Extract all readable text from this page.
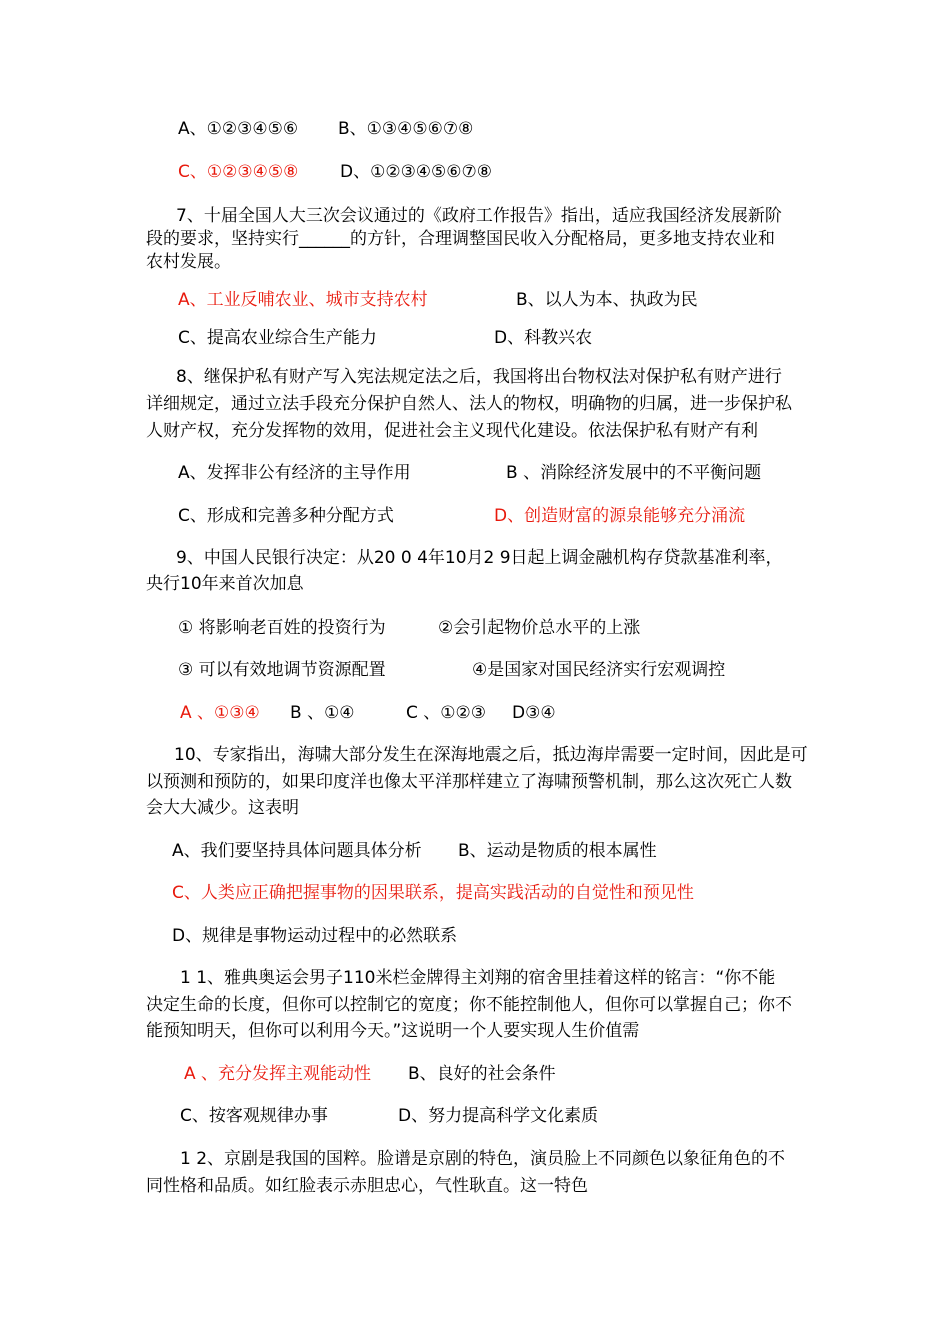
A、①②③④⑤⑥ B、①③④⑤⑥⑦⑧
C、①②③④⑤⑧ D、①②③④⑤⑥⑦⑧
7、十届全国人大三次会议通过的《政府工作报告》指出，适应我国经济发展新阶
段的要求，坚持实行______的方针，合理调整国民收入分配格局，更多地支持农业和
农村发展。
A、工业反哺农业、城市支持农村	B、以人为本、执政为民
C、提高农业综合生产能力	D、科教兴农
8、继保护私有财产写入宪法规定法之后，我国将出台物权法对保护私有财产进行
详细规定，通过立法手段充分保护自然人、法人的物权，明确物的归属，进一步保护私
人财产权，充分发挥物的效用，促进社会主义现代化建设。依法保护私有财产有利
A、发挥非公有经济的主导作用	B 、消除经济发展中的不平衡问题
C、形成和完善多种分配方式	D、创造财富的源泉能够充分涌流
9、中国人民银行决定：从20 0 4年10月2 9日起上调金融机构存贷款基准利率，
央行10年来首次加息
① 将影响老百姓的投资行为	②会引起物价总水平的上涨
③ 可以有效地调节资源配置	④是国家对国民经济实行宏观调控
A 、①③④ B 、①④	C 、①②③ D③④
10、专家指出，海啸大部分发生在深海地震之后，抵边海岸需要一定时间，因此是可
以预测和预防的，如果印度洋也像太平洋那样建立了海啸预警机制，那么这次死亡人数
会大大减少。这表明
A、我们要坚持具体问题具体分析 B、运动是物质的根本属性
C、人类应正确把握事物的因果联系，提高实践活动的自觉性和预见性
D、规律是事物运动过程中的必然联系
1 1、雅典奥运会男子110米栏金牌得主刘翔的宿舍里挂着这样的铭言：“你不能
决定生命的长度，但你可以控制它的宽度；你不能控制他人，但你可以掌握自己；你不
能预知明天，但你可以利用今天。”这说明一个人要实现人生价值需
A 、充分发挥主观能动性 B、良好的社会条件
C、按客观规律办事	D、努力提高科学文化素质
1 2、京剧是我国的国粹。脸谱是京剧的特色，演员脸上不同颜色以象征角色的不
同性格和品质。如红脸表示赤胆忠心，气性耿直。这一特色
